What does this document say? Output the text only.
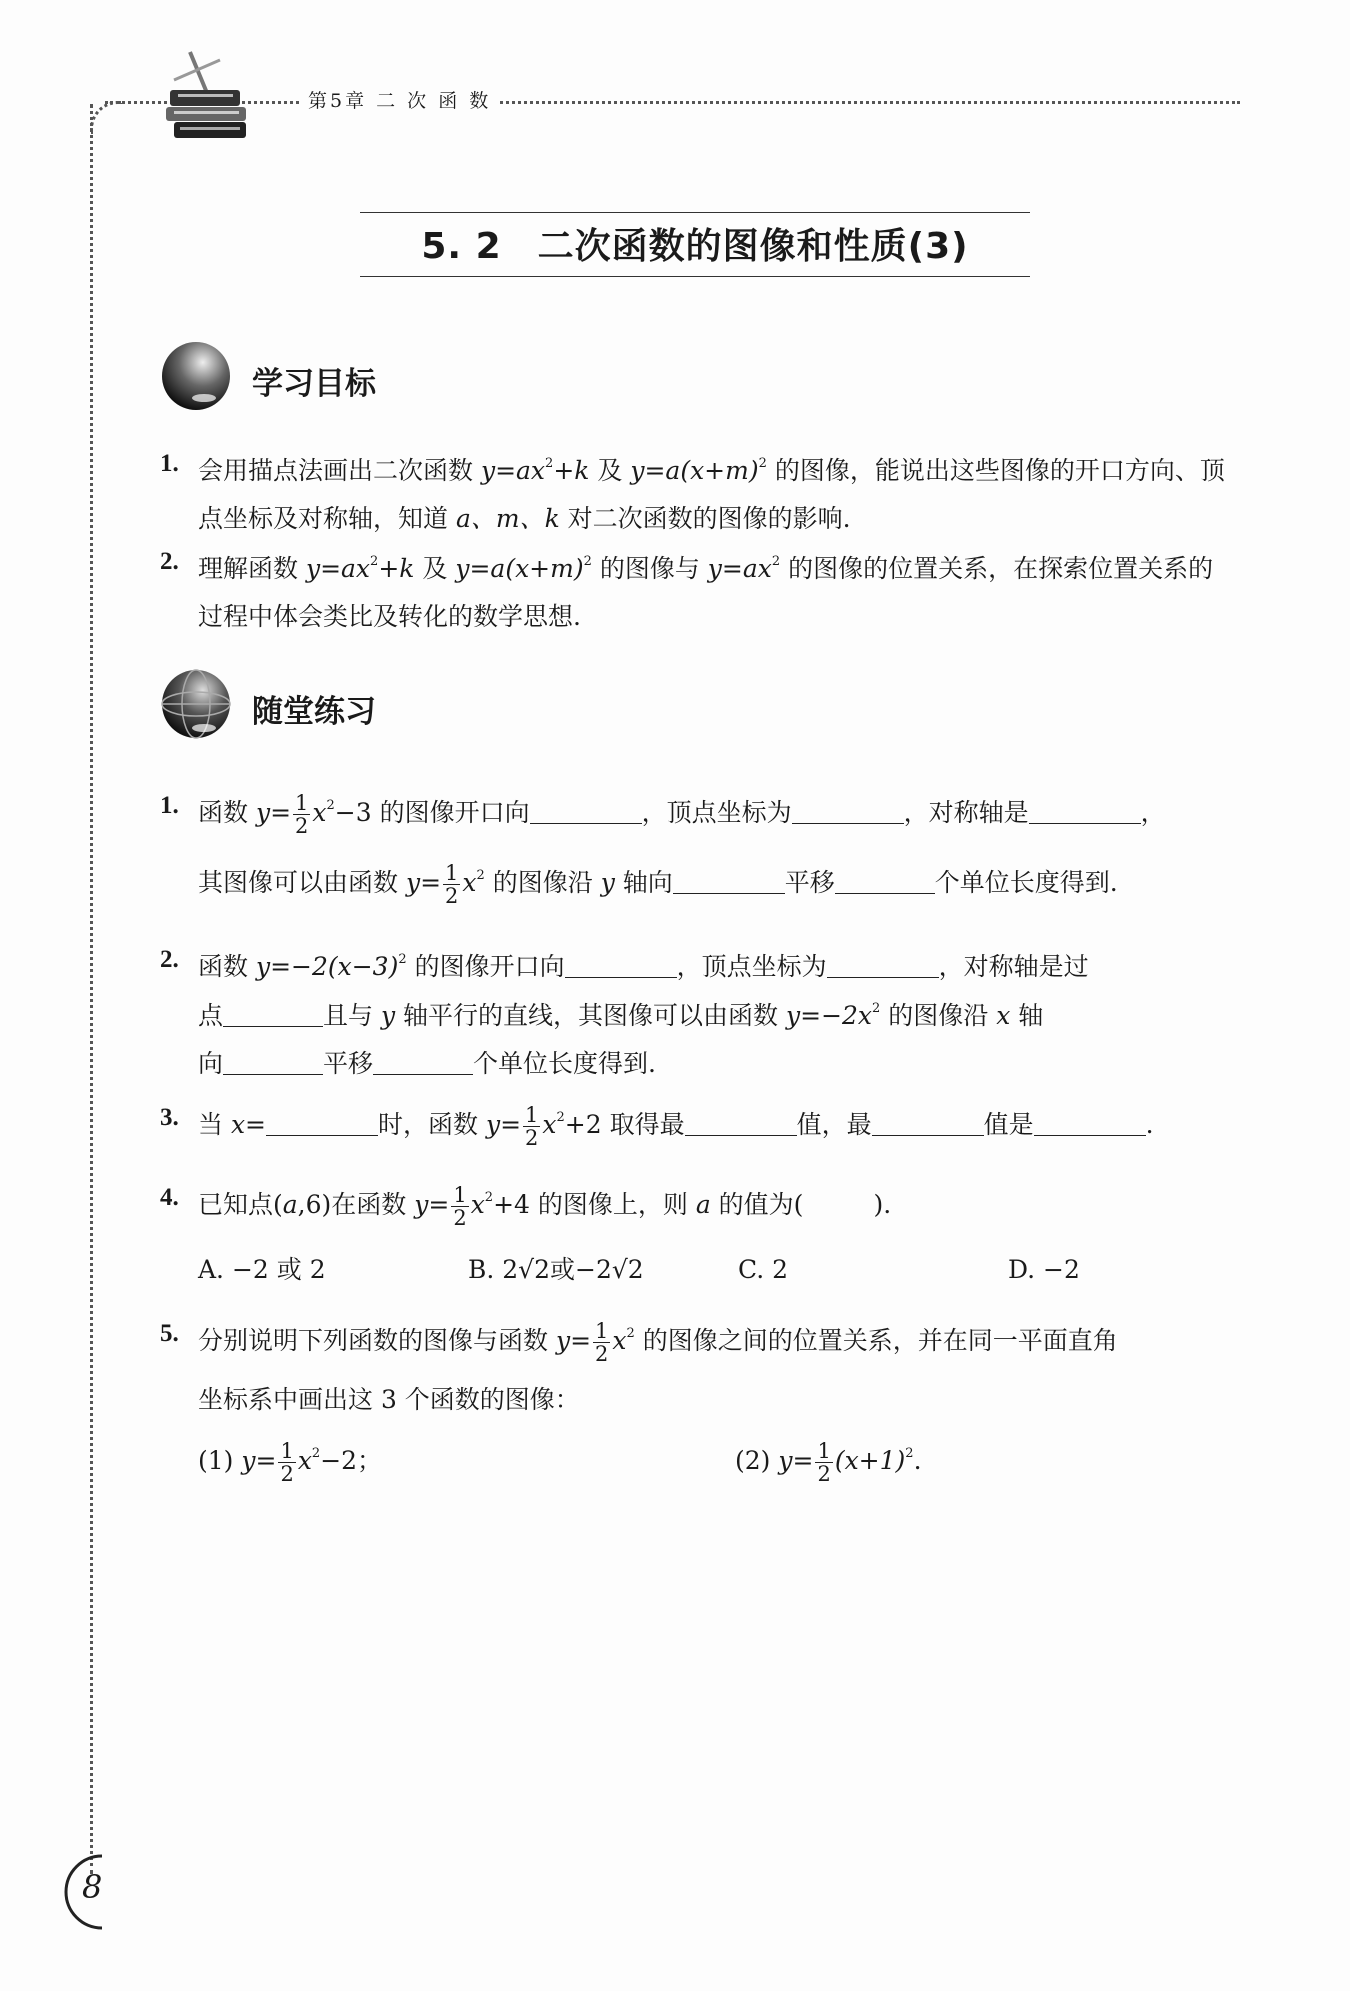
第5章 二 次 函 数
5. 2 二次函数的图像和性质(3)
学习目标
1. 会用描点法画出二次函数 $y=ax^2+k$ 及 $y=a(x+m)^2$ 的图像，能说出这些图像的开口方向、顶点坐标及对称轴，知道 a、m、k 对二次函数的图像的影响.
2. 理解函数 $y=ax^2+k$ 及 $y=a(x+m)^2$ 的图像与 $y=ax^2$ 的图像的位置关系，在探索位置关系的过程中体会类比及转化的数学思想.
随堂练习
1. 函数 $y= \frac{1}{2} x^2-3$ 的图像开口向	，顶点坐标为	，对称轴是	，
其图像可以由函数 $y= \frac{1}{2} x^2$ 的图像沿 y 轴向	平移	个单位长度得到.
2. 函数 $y=-2(x-3)^2$ 的图像开口向	，顶点坐标为	，对称轴是过
点	且与 y 轴平行的直线，其图像可以由函数 $y=-2x^2$ 的图像沿 x 轴
向	平移	个单位长度得到.
3. 当 x=	时，函数 $y= \frac{1}{2} x^2+2$ 取得最	值，最	值是	.
4. 已知点(a,6)在函数 $y= \frac{1}{2} x^2+4$ 的图像上，则 a 的值为(	).
A. −2 或 2	B. 2√2或−2√2	C. 2	D. −2
5. 分别说明下列函数的图像与函数 $y= \frac{1}{2} x^2$ 的图像之间的位置关系，并在同一平面直角
坐标系中画出这 3 个函数的图像：
(1) $y= \frac{1}{2} x^2-2$；	(2) $y= \frac{1}{2} (x+1)^2$.
8
